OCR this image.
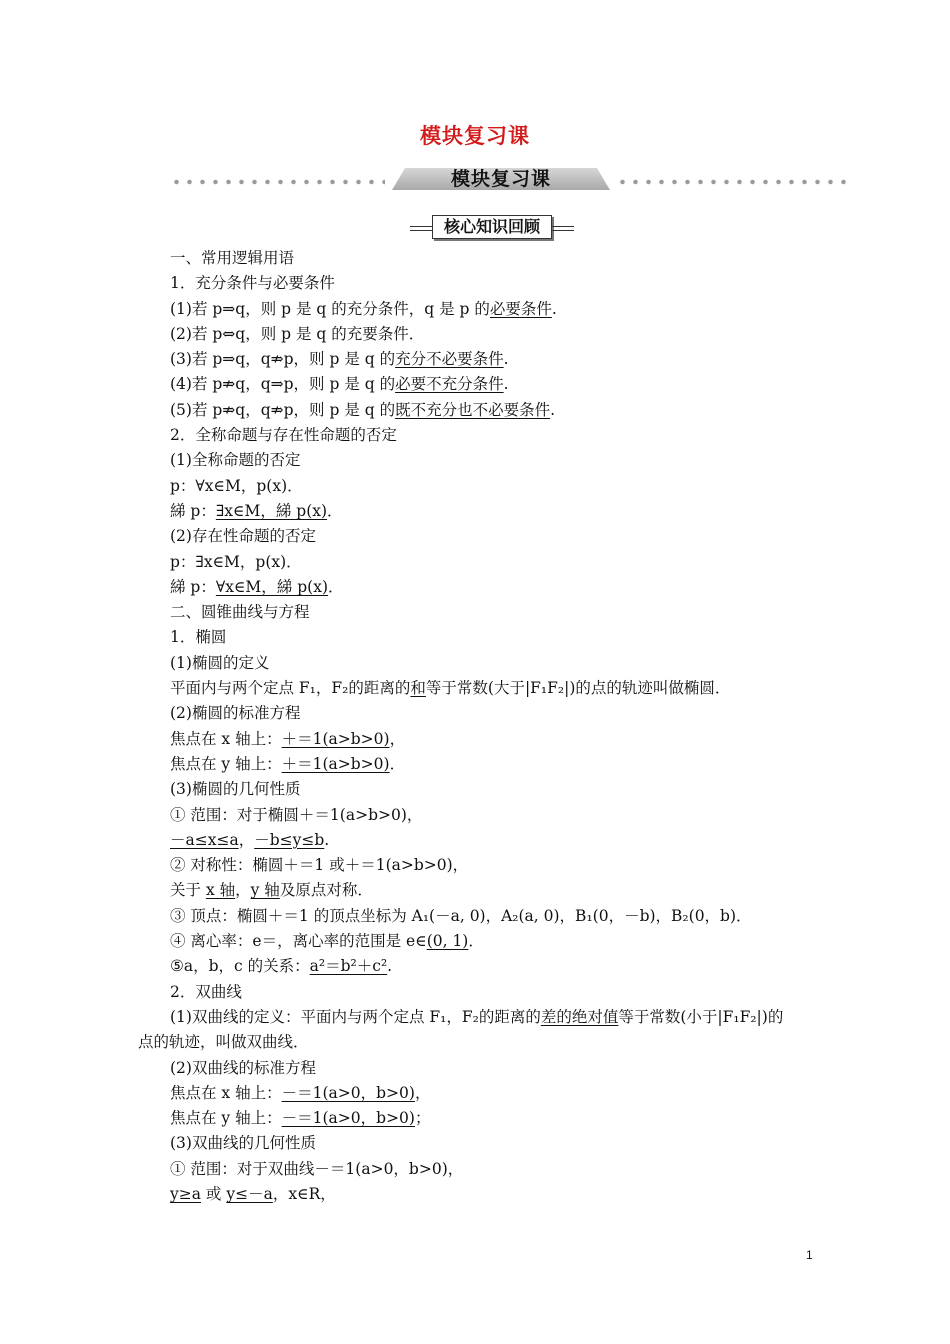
模块复习课
模块复习课
核心知识回顾
一、常用逻辑用语
1．充分条件与必要条件
(1)若 p⇒q，则 p 是 q 的充分条件，q 是 p 的必要条件.
(2)若 p⇔q，则 p 是 q 的充要条件．
(3)若 p⇒q，q⇏p，则 p 是 q 的充分不必要条件.
(4)若 p⇏q，q⇒p，则 p 是 q 的必要不充分条件.
(5)若 p⇏q，q⇏p，则 p 是 q 的既不充分也不必要条件.
2．全称命题与存在性命题的否定
(1)全称命题的否定
p：∀x∈M，p(x)．
綈 p：∃x∈M，綈 p(x)．
(2)存在性命题的否定
p：∃x∈M，p(x)．
綈 p：∀x∈M，綈 p(x)．
二、圆锥曲线与方程
1．椭圆
(1)椭圆的定义
平面内与两个定点 F₁，F₂的距离的和等于常数(大于|F₁F₂|)的点的轨迹叫做椭圆．
(2)椭圆的标准方程
焦点在 x 轴上：＋＝1(a>b>0)，
焦点在 y 轴上：＋＝1(a>b>0)．
(3)椭圆的几何性质
① 范围：对于椭圆＋＝1(a>b>0)，
－a≤x≤a，－b≤y≤b.
② 对称性：椭圆＋＝1 或＋＝1(a>b>0)，
关于 x 轴，y 轴及原点对称．
③ 顶点：椭圆＋＝1 的顶点坐标为 A₁(－a, 0)，A₂(a, 0)，B₁(0，－b)，B₂(0，b)．
④ 离心率：e＝，离心率的范围是 e∈(0, 1)．
⑤a，b，c 的关系：a²＝b²＋c².
2．双曲线
(1)双曲线的定义：平面内与两个定点 F₁，F₂的距离的差的绝对值等于常数(小于|F₁F₂|)的
点的轨迹，叫做双曲线．
(2)双曲线的标准方程
焦点在 x 轴上：－＝1(a>0，b>0)，
焦点在 y 轴上：－＝1(a>0，b>0)；
(3)双曲线的几何性质
① 范围：对于双曲线－＝1(a>0，b>0)，
y≥a 或 y≤－a，x∈R，
1
